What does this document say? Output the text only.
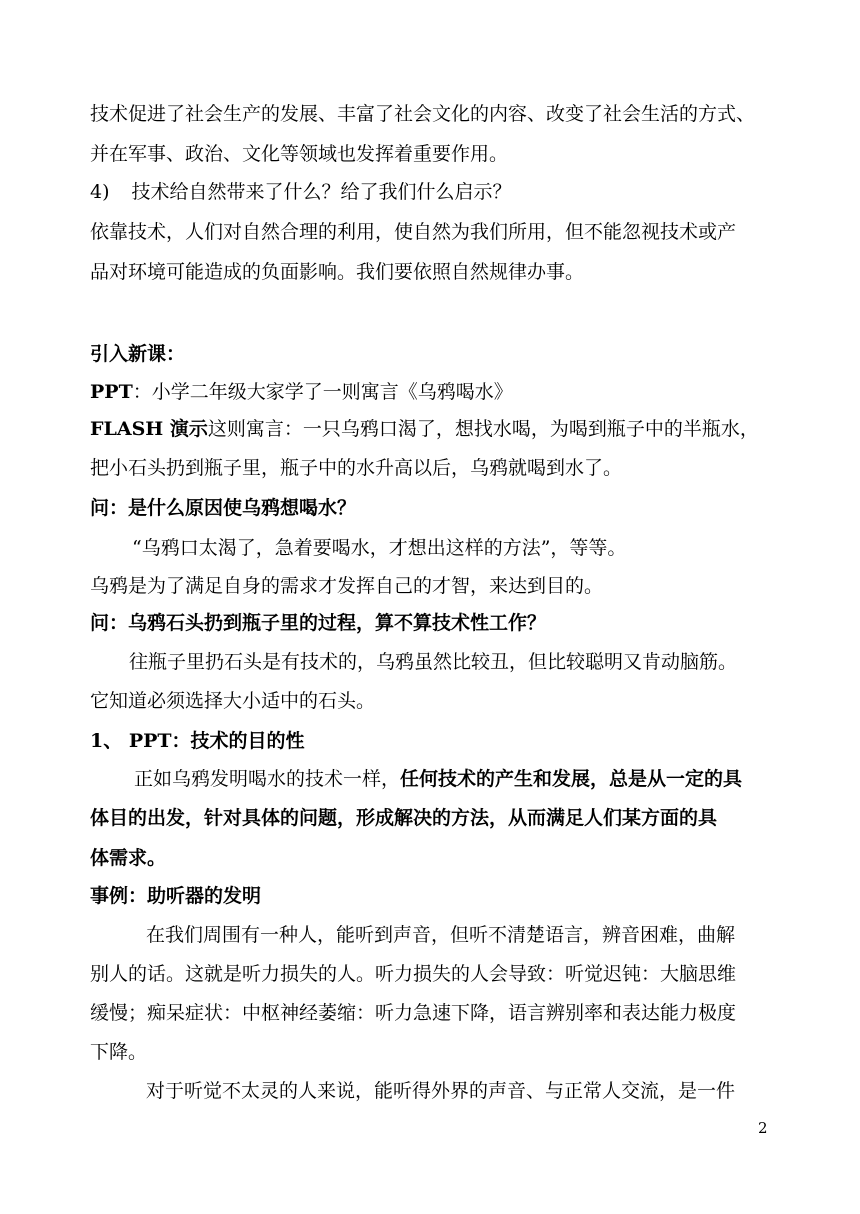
技术促进了社会生产的发展、丰富了社会文化的内容、改变了社会生活的方式、

并在军事、政治、文化等领域也发挥着重要作用。

4) 技术给自然带来了什么？给了我们什么启示？

依靠技术，人们对自然合理的利用，使自然为我们所用，但不能忽视技术或产

品对环境可能造成的负面影响。我们要依照自然规律办事。

引入新课：

PPT：小学二年级大家学了一则寓言《乌鸦喝水》

FLASH 演示这则寓言：一只乌鸦口渴了，想找水喝，为喝到瓶子中的半瓶水，

把小石头扔到瓶子里，瓶子中的水升高以后，乌鸦就喝到水了。

问：是什么原因使乌鸦想喝水？

“乌鸦口太渴了，急着要喝水，才想出这样的方法”，等等。

乌鸦是为了满足自身的需求才发挥自己的才智，来达到目的。

问：乌鸦石头扔到瓶子里的过程，算不算技术性工作？

往瓶子里扔石头是有技术的，乌鸦虽然比较丑，但比较聪明又肯动脑筋。

它知道必须选择大小适中的石头。

1、 PPT：技术的目的性

正如乌鸦发明喝水的技术一样，任何技术的产生和发展，总是从一定的具

体目的出发，针对具体的问题，形成解决的方法，从而满足人们某方面的具

体需求。

事例：助听器的发明

在我们周围有一种人，能听到声音，但听不清楚语言，辨音困难，曲解

别人的话。这就是听力损失的人。听力损失的人会导致：听觉迟钝：大脑思维

缓慢；痴呆症状：中枢神经萎缩：听力急速下降，语言辨别率和表达能力极度

下降。

对于听觉不太灵的人来说，能听得外界的声音、与正常人交流，是一件

2
